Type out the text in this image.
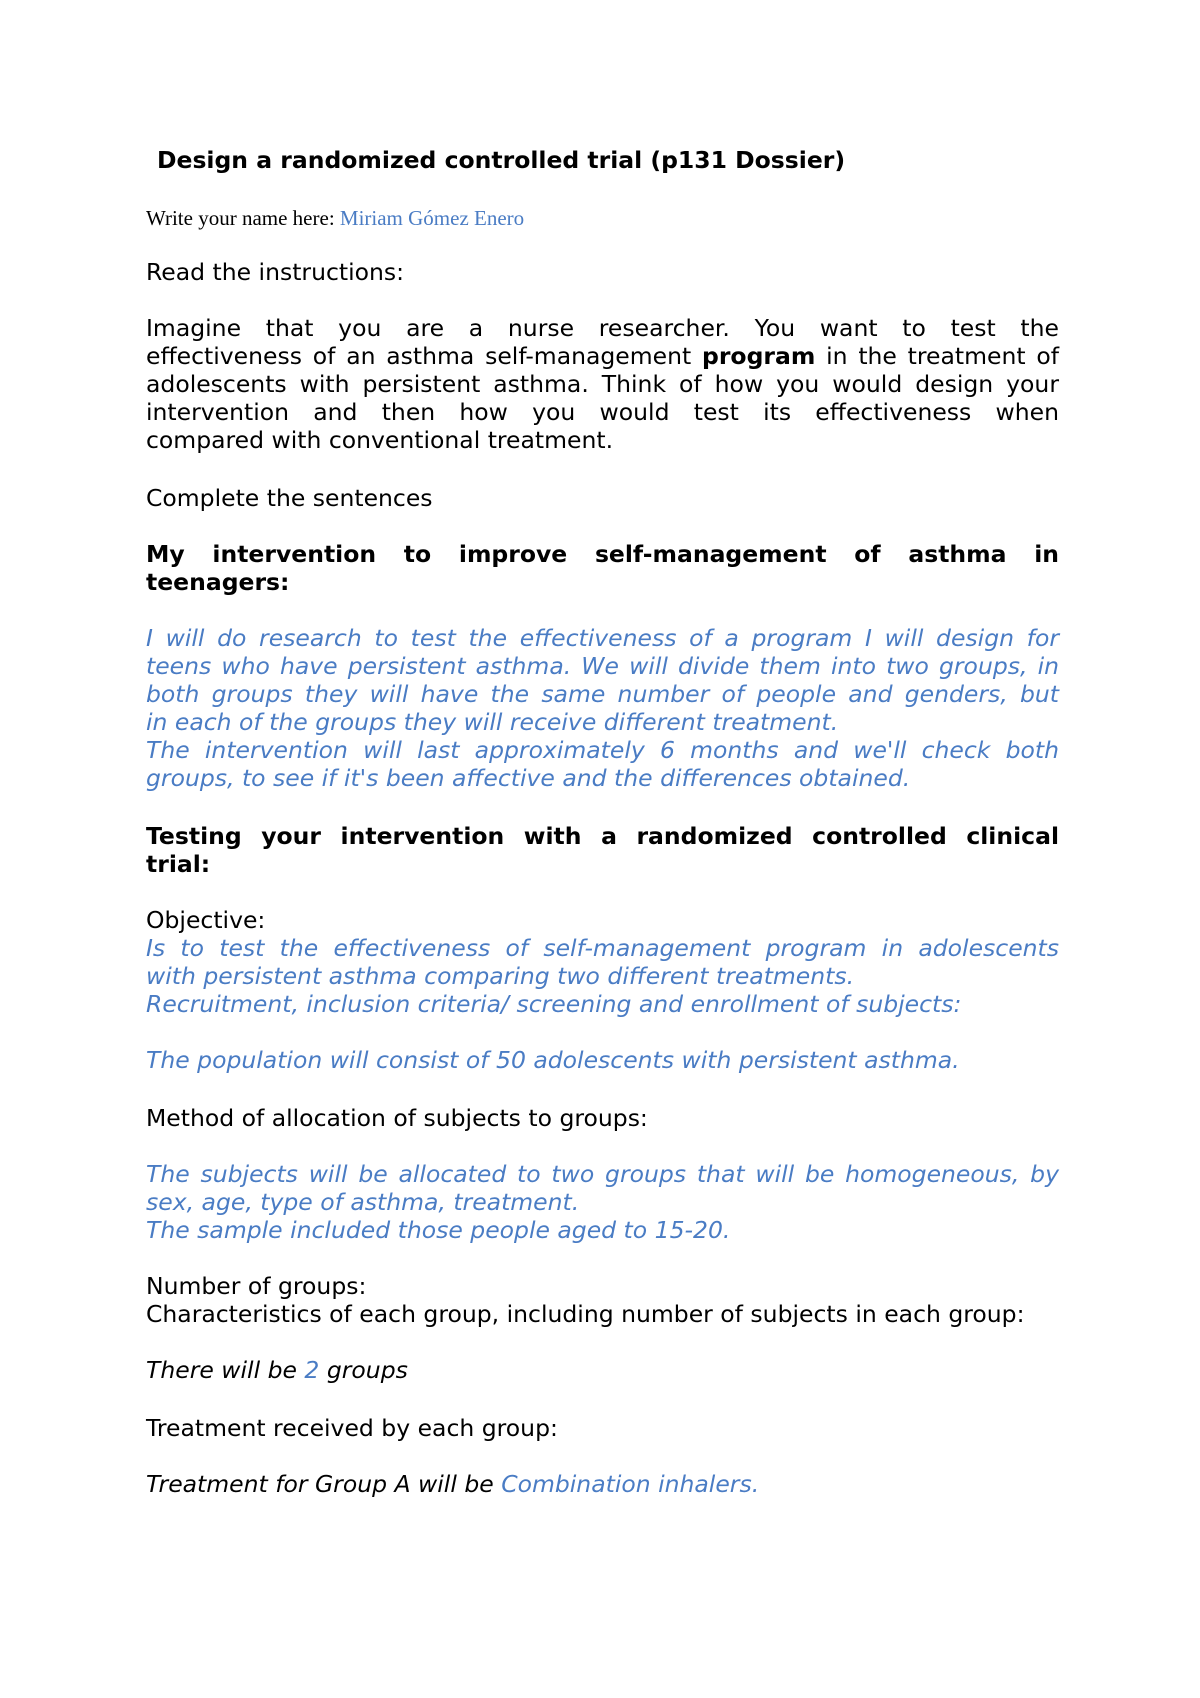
Design a randomized controlled trial (p131 Dossier)
Write your name here: Miriam Gómez Enero
Read the instructions:
Imagine that you are a nurse researcher. You want to test the
effectiveness of an asthma self-management program in the treatment of
adolescents with persistent asthma. Think of how you would design your
intervention and then how you would test its effectiveness when
compared with conventional treatment.
Complete the sentences
My intervention to improve self-management of asthma in
teenagers:
I will do research to test the effectiveness of a program I will design for
teens who have persistent asthma. We will divide them into two groups, in
both groups they will have the same number of people and genders, but
in each of the groups they will receive different treatment.
The intervention will last approximately 6 months and we'll check both
groups, to see if it's been affective and the differences obtained.
Testing your intervention with a randomized controlled clinical
trial:
Objective:
Is to test the effectiveness of self-management program in adolescents
with persistent asthma comparing two different treatments.
Recruitment, inclusion criteria/ screening and enrollment of subjects:
The population will consist of 50 adolescents with persistent asthma.
Method of allocation of subjects to groups:
The subjects will be allocated to two groups that will be homogeneous, by
sex, age, type of asthma, treatment.
The sample included those people aged to 15-20.
Number of groups:
Characteristics of each group, including number of subjects in each group:
There will be 2 groups
Treatment received by each group:
Treatment for Group A will be Combination inhalers.
